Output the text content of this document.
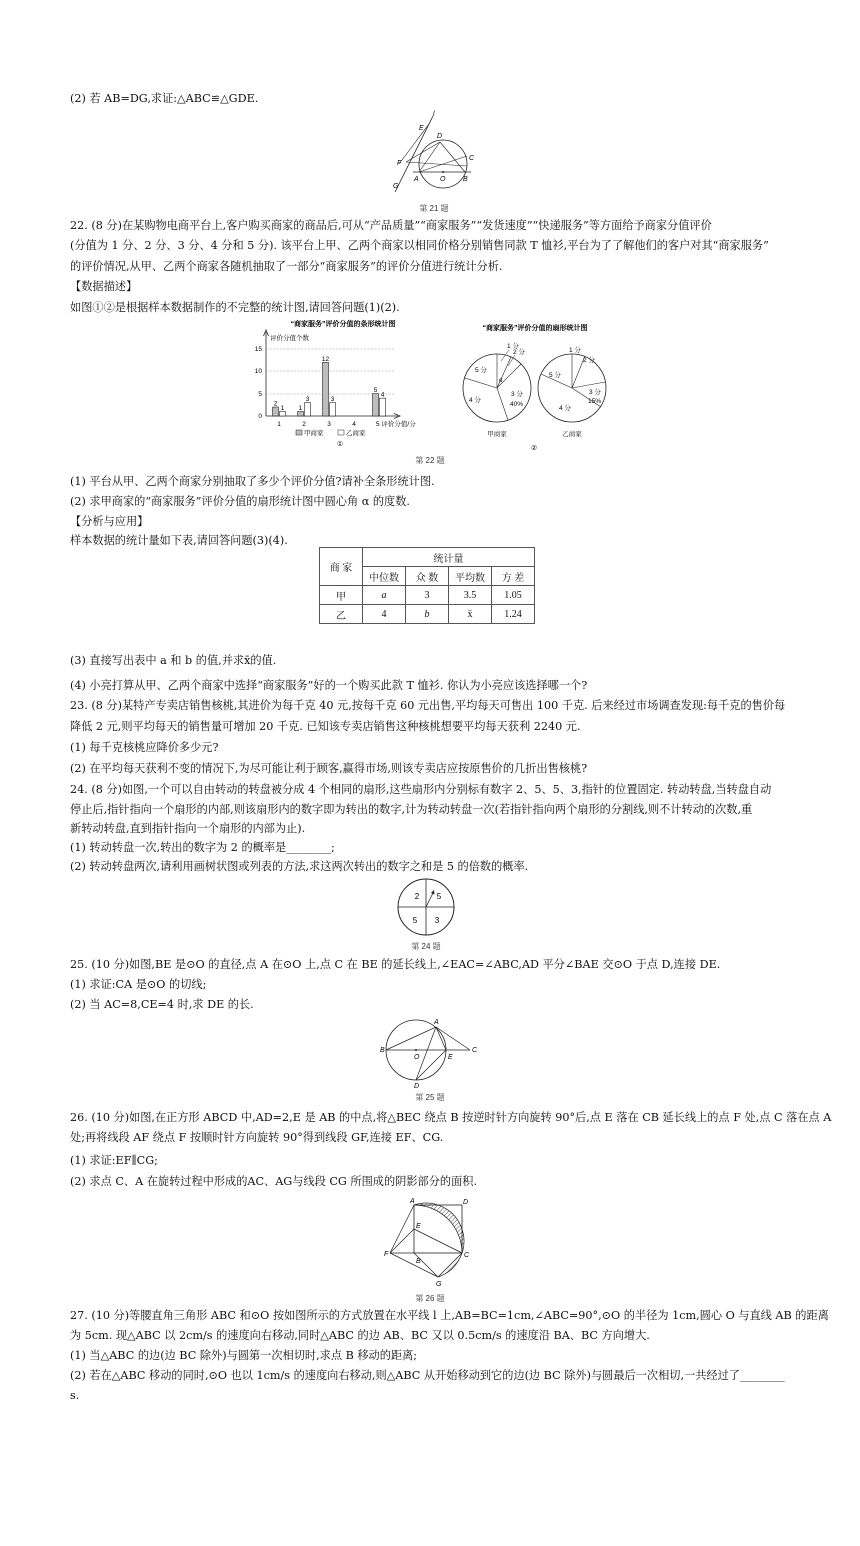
(2) 若 AB=DG,求证:△ABC≌△GDE.
l
E
D
C
F
A	O	B
G
第 21 题
22. (8 分)在某购物电商平台上,客户购买商家的商品后,可从“产品质量”“商家服务”“发货速度”“快递服务”等方面给予商家分值评价
(分值为 1 分、2 分、3 分、4 分和 5 分). 该平台上甲、乙两个商家以相同价格分别销售同款 T 恤衫,平台为了了解他们的客户对其“商家服务”
的评价情况,从甲、乙两个商家各随机抽取了一部分“商家服务”的评价分值进行统计分析.
【数据描述】
如图①②是根据样本数据制作的不完整的统计图,请回答问题(1)(2).
“商家服务”评价分值的条形统计图
评价分值个数
15
10
5
0
2
1
12
5
1
3	3
4
1	2	3	4	5 评价分值/分
甲商家	乙商家
①
“商家服务”评价分值的扇形统计图
1 分
2 分
5 分
4 分
3 分
40%
α
甲商家
1 分
2 分
5 分
3 分
15%
4 分
乙商家
②
第 22 题
(1) 平台从甲、乙两个商家分别抽取了多少个评价分值?请补全条形统计图.
(2) 求甲商家的“商家服务”评价分值的扇形统计图中圆心角 α 的度数.
【分析与应用】
样本数据的统计量如下表,请回答问题(3)(4).
商 家	统计量			
	中位数	众 数	平均数	方 差
甲	a	3	3.5	1.05
乙	4	b	x̄	1.24
(3) 直接写出表中 a 和 b 的值,并求x̄的值.
(4) 小亮打算从甲、乙两个商家中选择“商家服务”好的一个购买此款 T 恤衫. 你认为小亮应该选择哪一个?
23. (8 分)某特产专卖店销售核桃,其进价为每千克 40 元,按每千克 60 元出售,平均每天可售出 100 千克. 后来经过市场调查发现:每千克的售价每
降低 2 元,则平均每天的销售量可增加 20 千克. 已知该专卖店销售这种核桃想要平均每天获利 2240 元.
(1) 每千克核桃应降价多少元?
(2) 在平均每天获利不变的情况下,为尽可能让利于顾客,赢得市场,则该专卖店应按原售价的几折出售核桃?
24. (8 分)如图,一个可以自由转动的转盘被分成 4 个相同的扇形,这些扇形内分别标有数字 2、5、5、3,指针的位置固定. 转动转盘,当转盘自动
停止后,指针指向一个扇形的内部,则该扇形内的数字即为转出的数字,计为转动转盘一次(若指针指向两个扇形的分割线,则不计转动的次数,重
新转动转盘,直到指针指向一个扇形的内部为止).
(1) 转动转盘一次,转出的数字为 2 的概率是________;
(2) 转动转盘两次,请利用画树状图或列表的方法,求这两次转出的数字之和是 5 的倍数的概率.
2 5
5 3
第 24 题
25. (10 分)如图,BE 是⊙O 的直径,点 A 在⊙O 上,点 C 在 BE 的延长线上,∠EAC=∠ABC,AD 平分∠BAE 交⊙O 于点 D,连接 DE.
(1) 求证:CA 是⊙O 的切线;
(2) 当 AC=8,CE=4 时,求 DE 的长.
A
B
O	E
C
D
第 25 题
26. (10 分)如图,在正方形 ABCD 中,AD=2,E 是 AB 的中点,将△BEC 绕点 B 按逆时针方向旋转 90°后,点 E 落在 CB 延长线上的点 F 处,点 C 落在点 A
处;再将线段 AF 绕点 F 按顺时针方向旋转 90°得到线段 GF,连接 EF、CG.
(1) 求证:EF∥CG;
(2) 求点 C、A 在旋转过程中形成的AC、AG与线段 CG 所围成的阴影部分的面积.
A	D
E
F
B
C
G
第 26 题
27. (10 分)等腰直角三角形 ABC 和⊙O 按如图所示的方式放置在水平线 l 上,AB=BC=1cm,∠ABC=90°,⊙O 的半径为 1cm,圆心 O 与直线 AB 的距离
为 5cm. 现△ABC 以 2cm/s 的速度向右移动,同时△ABC 的边 AB、BC 又以 0.5cm/s 的速度沿 BA、BC 方向增大.
(1) 当△ABC 的边(边 BC 除外)与圆第一次相切时,求点 B 移动的距离;
(2) 若在△ABC 移动的同时,⊙O 也以 1cm/s 的速度向右移动,则△ABC 从开始移动到它的边(边 BC 除外)与圆最后一次相切,一共经过了________
s.
